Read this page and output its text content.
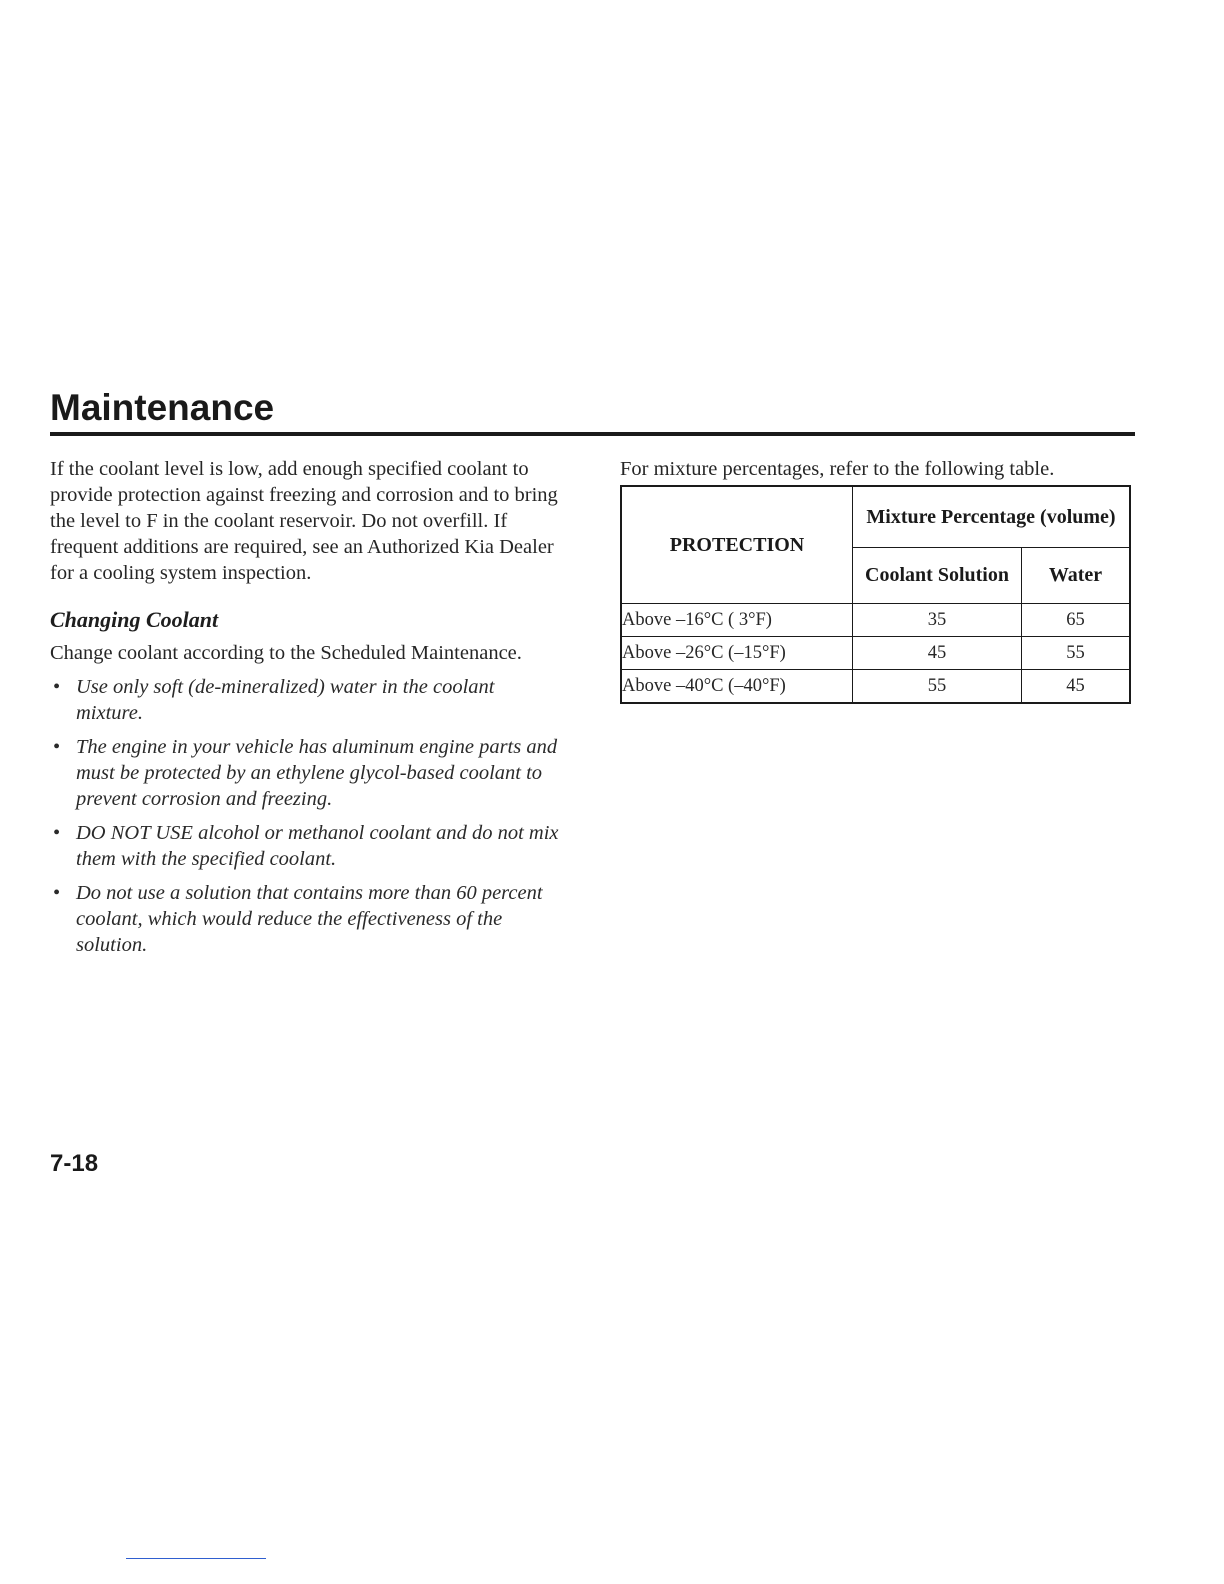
Maintenance

If the coolant level is low, add enough specified coolant to provide protection against freezing and corrosion and to bring the level to F in the coolant reservoir. Do not overfill. If frequent additions are required, see an Authorized Kia Dealer for a cooling system inspection.

Changing Coolant

Change coolant according to the Scheduled Maintenance.

• Use only soft (de-mineralized) water in the coolant mixture.
• The engine in your vehicle has aluminum engine parts and must be protected by an ethylene glycol-based coolant to prevent corrosion and freezing.
• DO NOT USE alcohol or methanol coolant and do not mix them with the specified coolant.
• Do not use a solution that contains more than 60 percent coolant, which would reduce the effectiveness of the solution.

For mixture percentages, refer to the following table.

PROTECTION	Mixture Percentage (volume)	
	Coolant Solution	Water
Above –16°C ( 3°F)	35	65
Above –26°C (–15°F)	45	55
Above –40°C (–40°F)	55	45

7-18
